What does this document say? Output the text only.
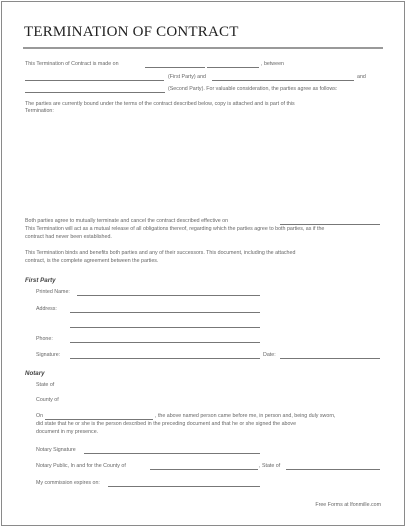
TERMINATION OF CONTRACT
This Termination of Contract is made on	, between
(First Party) and	and
(Second Party). For valuable consideration, the parties agree as follows:
The parties are currently bound under the terms of the contract described below, copy is attached and is part of this
Termination:
Both parties agree to mutually terminate and cancel the contract described effective on
This Termination will act as a mutual release of all obligations thereof, regarding which the parties agree to both parties, as if the
contract had never been established.
This Termination binds and benefits both parties and any of their successors. This document, including the attached
contract, is the complete agreement between the parties.
First Party
Printed Name:
Address:
Phone:
Signature:	Date:
Notary
State of
County of
On	, the above named person came before me, in person and, being duly sworn,
did state that he or she is the person described in the preceding document and that he or she signed the above
document in my presence.
Notary Signature
Notary Public, In and for the County of	, State of
My commission expires on:
Free Forms at lfonmille.com
